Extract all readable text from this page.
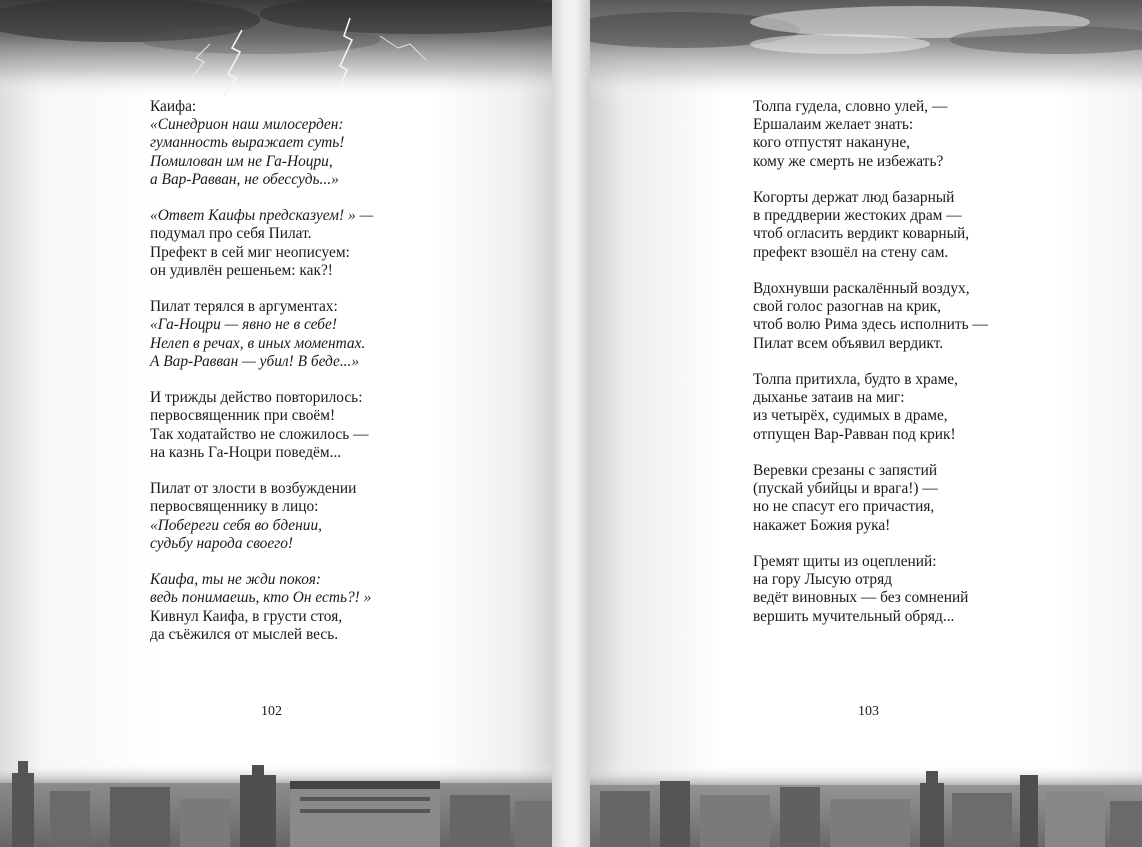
Каифа:
«Синедрион наш милосерден:
гуманность выражает суть!
Помилован им не Га-Ноцри,
а Вар-Равван, не обессудь...»
«Ответ Каифы предсказуем! » —
подумал про себя Пилат.
Префект в сей миг неописуем:
он удивлён решеньем: как?!
Пилат терялся в аргументах:
«Га-Ноцри — явно не в себе!
Нелеп в речах, в иных моментах.
А Вар-Равван — убил! В беде...»
И трижды действо повторилось:
первосвященник при своём!
Так ходатайство не сложилось —
на казнь Га-Ноцри поведём...
Пилат от злости в возбуждении
первосвященнику в лицо:
«Побереги себя во бдении,
судьбу народа своего!
Каифа, ты не жди покоя:
ведь понимаешь, кто Он есть?! »
Кивнул Каифа, в грусти стоя,
да съёжился от мыслей весь.
102
Толпа гудела, словно улей, —
Ершалаим желает знать:
кого отпустят накануне,
кому же смерть не избежать?
Когорты держат люд базарный
в преддверии жестоких драм —
чтоб огласить вердикт коварный,
префект взошёл на стену сам.
Вдохнувши раскалённый воздух,
свой голос разогнав на крик,
чтоб волю Рима здесь исполнить —
Пилат всем объявил вердикт.
Толпа притихла, будто в храме,
дыханье затаив на миг:
из четырёх, судимых в драме,
отпущен Вар-Равван под крик!
Веревки срезаны с запястий
(пускай убийцы и врага!) —
но не спасут его причастия,
накажет Божия рука!
Гремят щиты из оцеплений:
на гору Лысую отряд
ведёт виновных — без сомнений
вершить мучительный обряд...
103
